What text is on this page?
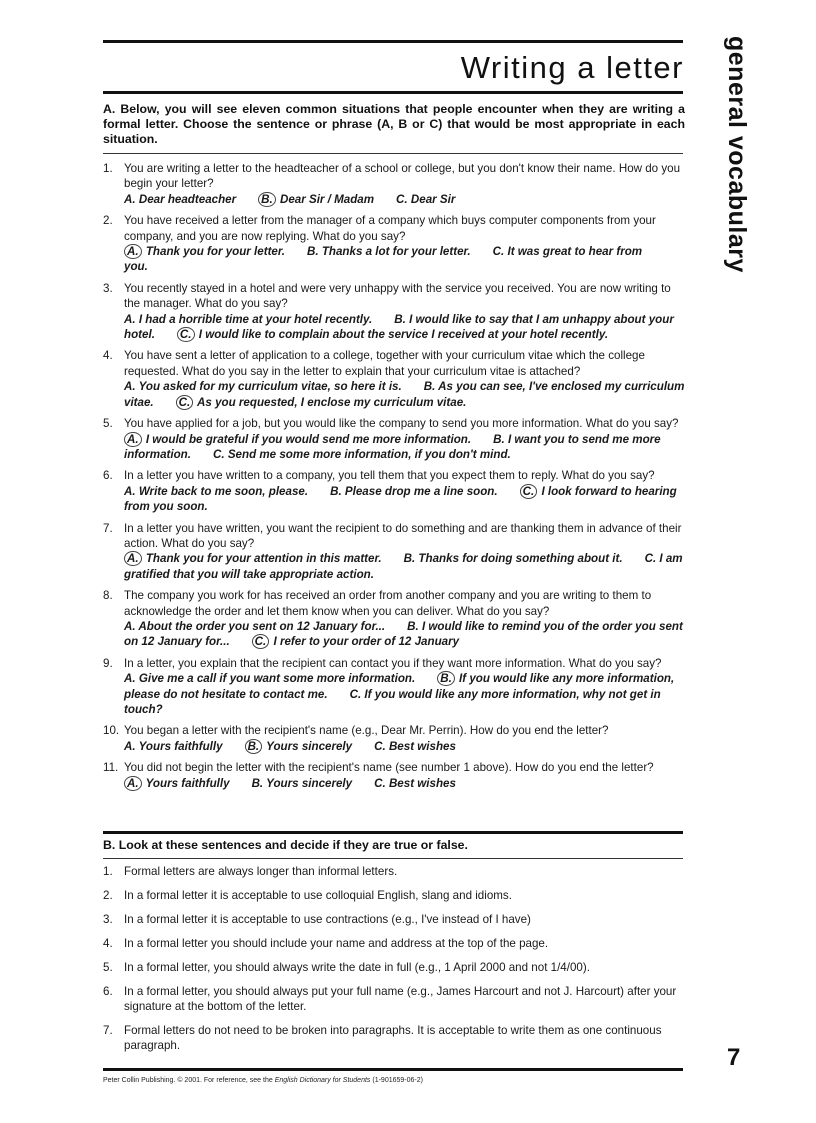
Writing a letter general vocabulary
A. Below, you will see eleven common situations that people encounter when they are writing a formal letter. Choose the sentence or phrase (A, B or C) that would be most appropriate in each situation.
1. You are writing a letter to the headteacher of a school or college, but you don't know their name. How do you begin your letter?
A. Dear headteacher B. Dear Sir / Madam C. Dear Sir
2. You have received a letter from the manager of a company which buys computer components from your company, and you are now replying. What do you say?
A. Thank you for your letter. B. Thanks a lot for your letter. C. It was great to hear from you.
3. You recently stayed in a hotel and were very unhappy with the service you received. You are now writing to the manager. What do you say?
A. I had a horrible time at your hotel recently. B. I would like to say that I am unhappy about your hotel. C. I would like to complain about the service I received at your hotel recently.
4. You have sent a letter of application to a college, together with your curriculum vitae which the college requested. What do you say in the letter to explain that your curriculum vitae is attached?
A. You asked for my curriculum vitae, so here it is. B. As you can see, I've enclosed my curriculum vitae. C. As you requested, I enclose my curriculum vitae.
5. You have applied for a job, but you would like the company to send you more information. What do you say?
A. I would be grateful if you would send me more information. B. I want you to send me more information. C. Send me some more information, if you don't mind.
6. In a letter you have written to a company, you tell them that you expect them to reply. What do you say?
A. Write back to me soon, please. B. Please drop me a line soon. C. I look forward to hearing from you soon.
7. In a letter you have written, you want the recipient to do something and are thanking them in advance of their action. What do you say?
A. Thank you for your attention in this matter. B. Thanks for doing something about it. C. I am gratified that you will take appropriate action.
8. The company you work for has received an order from another company and you are writing to them to acknowledge the order and let them know when you can deliver. What do you say?
A. About the order you sent on 12 January for... B. I would like to remind you of the order you sent on 12 January for... C. I refer to your order of 12 January
9. In a letter, you explain that the recipient can contact you if they want more information. What do you say?
A. Give me a call if you want some more information. B. If you would like any more information, please do not hesitate to contact me. C. If you would like any more information, why not get in touch?
10. You began a letter with the recipient's name (e.g., Dear Mr. Perrin). How do you end the letter?
A. Yours faithfully B. Yours sincerely C. Best wishes
11. You did not begin the letter with the recipient's name (see number 1 above). How do you end the letter?
A. Yours faithfully B. Yours sincerely C. Best wishes
B. Look at these sentences and decide if they are true or false.
1. Formal letters are always longer than informal letters.
2. In a formal letter it is acceptable to use colloquial English, slang and idioms.
3. In a formal letter it is acceptable to use contractions (e.g., I've instead of I have)
4. In a formal letter you should include your name and address at the top of the page.
5. In a formal letter, you should always write the date in full (e.g., 1 April 2000 and not 1/4/00).
6. In a formal letter, you should always put your full name (e.g., James Harcourt and not J. Harcourt) after your signature at the bottom of the letter.
7. Formal letters do not need to be broken into paragraphs. It is acceptable to write them as one continuous paragraph.
Peter Collin Publishing. © 2001. For reference, see the English Dictionary for Students (1-901659-06-2)
7
